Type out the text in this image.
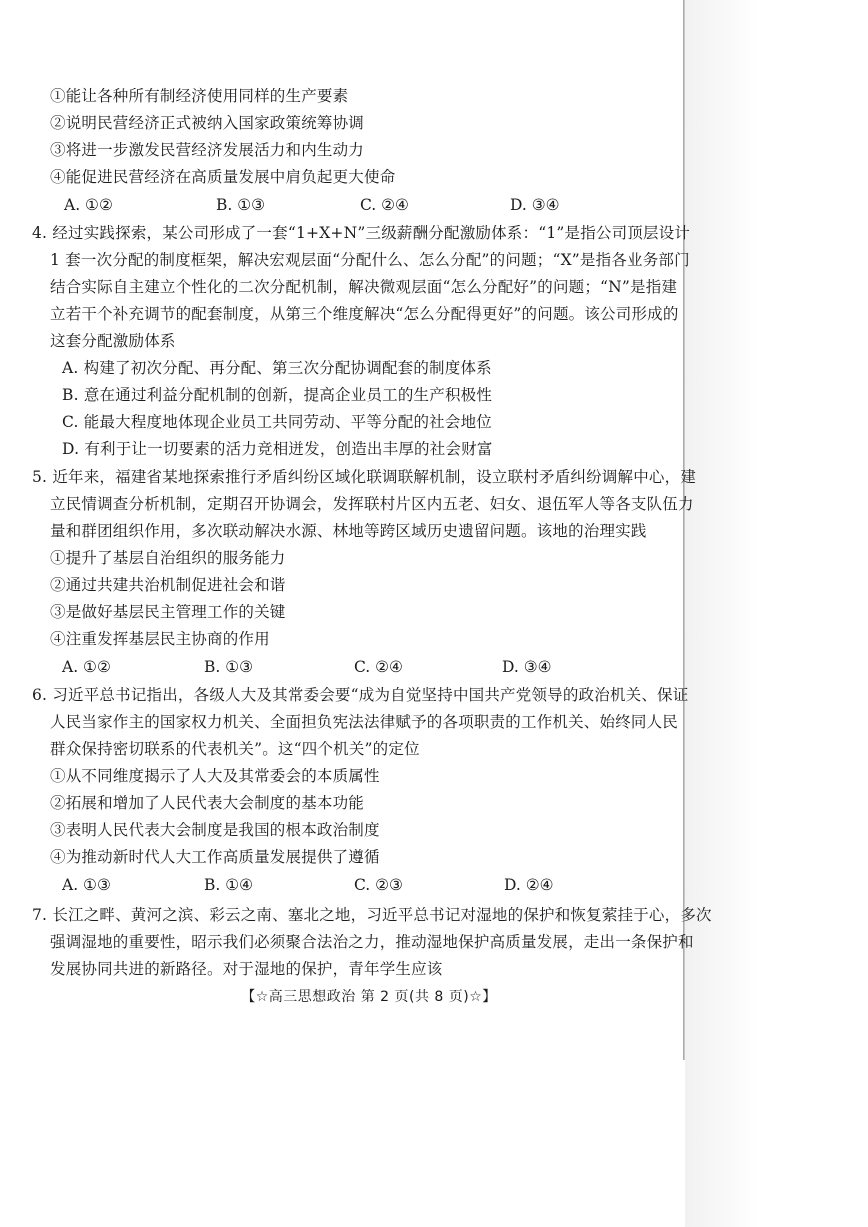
①能让各种所有制经济使用同样的生产要素
②说明民营经济正式被纳入国家政策统筹协调
③将进一步激发民营经济发展活力和内生动力
④能促进民营经济在高质量发展中肩负起更大使命
A. ①②	B. ①③	C. ②④	D. ③④
4. 经过实践探索，某公司形成了一套“1+X+N”三级薪酬分配激励体系：“1”是指公司顶层设计
1 套一次分配的制度框架，解决宏观层面“分配什么、怎么分配”的问题；“X”是指各业务部门
结合实际自主建立个性化的二次分配机制，解决微观层面“怎么分配好”的问题；“N”是指建
立若干个补充调节的配套制度，从第三个维度解决“怎么分配得更好”的问题。该公司形成的
这套分配激励体系
A. 构建了初次分配、再分配、第三次分配协调配套的制度体系
B. 意在通过利益分配机制的创新，提高企业员工的生产积极性
C. 能最大程度地体现企业员工共同劳动、平等分配的社会地位
D. 有利于让一切要素的活力竞相迸发，创造出丰厚的社会财富
5. 近年来，福建省某地探索推行矛盾纠纷区域化联调联解机制，设立联村矛盾纠纷调解中心，建
立民情调查分析机制，定期召开协调会，发挥联村片区内五老、妇女、退伍军人等各支队伍力
量和群团组织作用，多次联动解决水源、林地等跨区域历史遗留问题。该地的治理实践
①提升了基层自治组织的服务能力
②通过共建共治机制促进社会和谐
③是做好基层民主管理工作的关键
④注重发挥基层民主协商的作用
A. ①②	B. ①③	C. ②④	D. ③④
6. 习近平总书记指出，各级人大及其常委会要“成为自觉坚持中国共产党领导的政治机关、保证
人民当家作主的国家权力机关、全面担负宪法法律赋予的各项职责的工作机关、始终同人民
群众保持密切联系的代表机关”。这“四个机关”的定位
①从不同维度揭示了人大及其常委会的本质属性
②拓展和增加了人民代表大会制度的基本功能
③表明人民代表大会制度是我国的根本政治制度
④为推动新时代人大工作高质量发展提供了遵循
A. ①③	B. ①④	C. ②③	D. ②④
7. 长江之畔、黄河之滨、彩云之南、塞北之地，习近平总书记对湿地的保护和恢复萦挂于心，多次
强调湿地的重要性，昭示我们必须聚合法治之力，推动湿地保护高质量发展，走出一条保护和
发展协同共进的新路径。对于湿地的保护，青年学生应该
【☆高三思想政治 第 2 页(共 8 页)☆】
